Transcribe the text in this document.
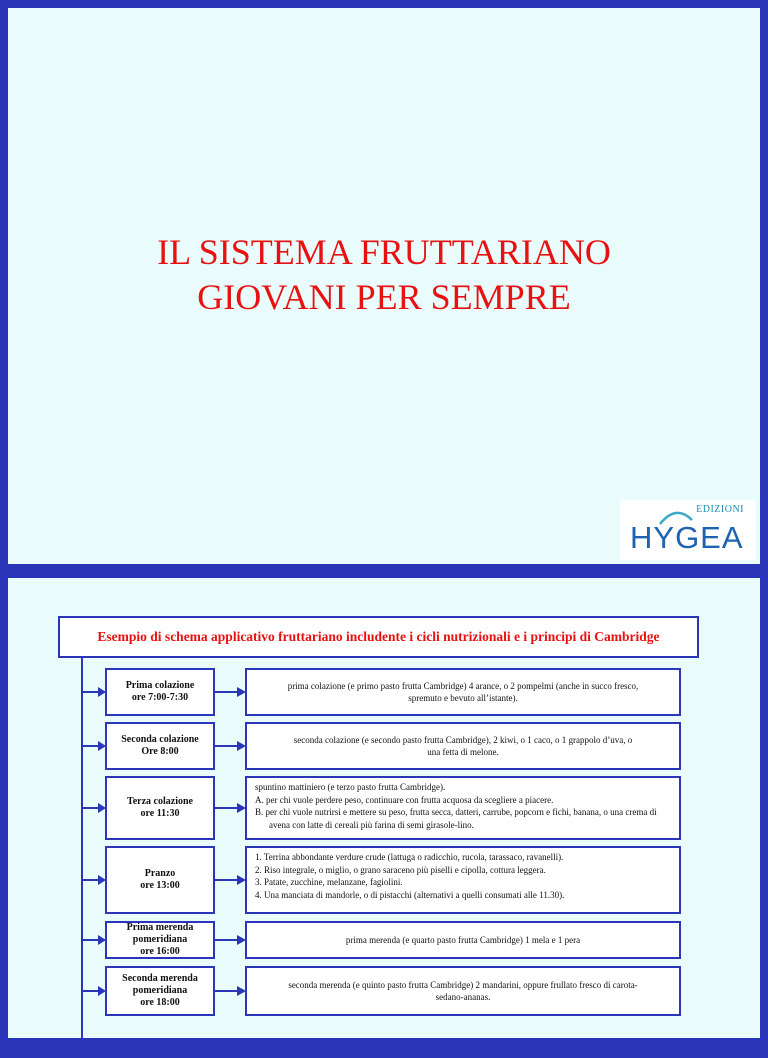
IL SISTEMA FRUTTARIANO
GIOVANI PER SEMPRE
EDIZIONI
HYGEA
Esempio di schema applicativo fruttariano includente i cicli nutrizionali e i principi di Cambridge
Prima colazione
ore 7:00-7:30
prima colazione (e primo pasto frutta Cambridge) 4 arance, o 2 pompelmi (anche in succo fresco,
spremuto e bevuto all’istante).
Seconda colazione
Ore 8:00
seconda colazione (e secondo pasto frutta Cambridge), 2 kiwi, o 1 caco, o 1 grappolo d’uva, o
una fetta di melone.
Terza colazione
ore 11:30
spuntino mattiniero (e terzo pasto frutta Cambridge).
A. per chi vuole perdere peso, continuare con frutta acquosa da scegliere a piacere.
B. per chi vuole nutrirsi e mettere su peso, frutta secca, datteri, carrube, popcorn e fichi, banana, o una crema di avena con latte di cereali più farina di semi girasole-lino.
Pranzo
ore 13:00
1. Terrina abbondante verdure crude (lattuga o radicchio, rucola, tarassaco, ravanelli).
2. Riso integrale, o miglio, o grano saraceno più piselli e cipolla, cottura leggera.
3. Patate, zucchine, melanzane, fagiolini.
4. Una manciata di mandorle, o di pistacchi (alternativi a quelli consumati alle 11.30).
Prima merenda
pomeridiana
ore 16:00
prima merenda (e quarto pasto frutta Cambridge) 1 mela e 1 pera
Seconda merenda
pomeridiana
ore 18:00
seconda merenda (e quinto pasto frutta Cambridge) 2 mandarini, oppure frullato fresco di carota-
sedano-ananas.
